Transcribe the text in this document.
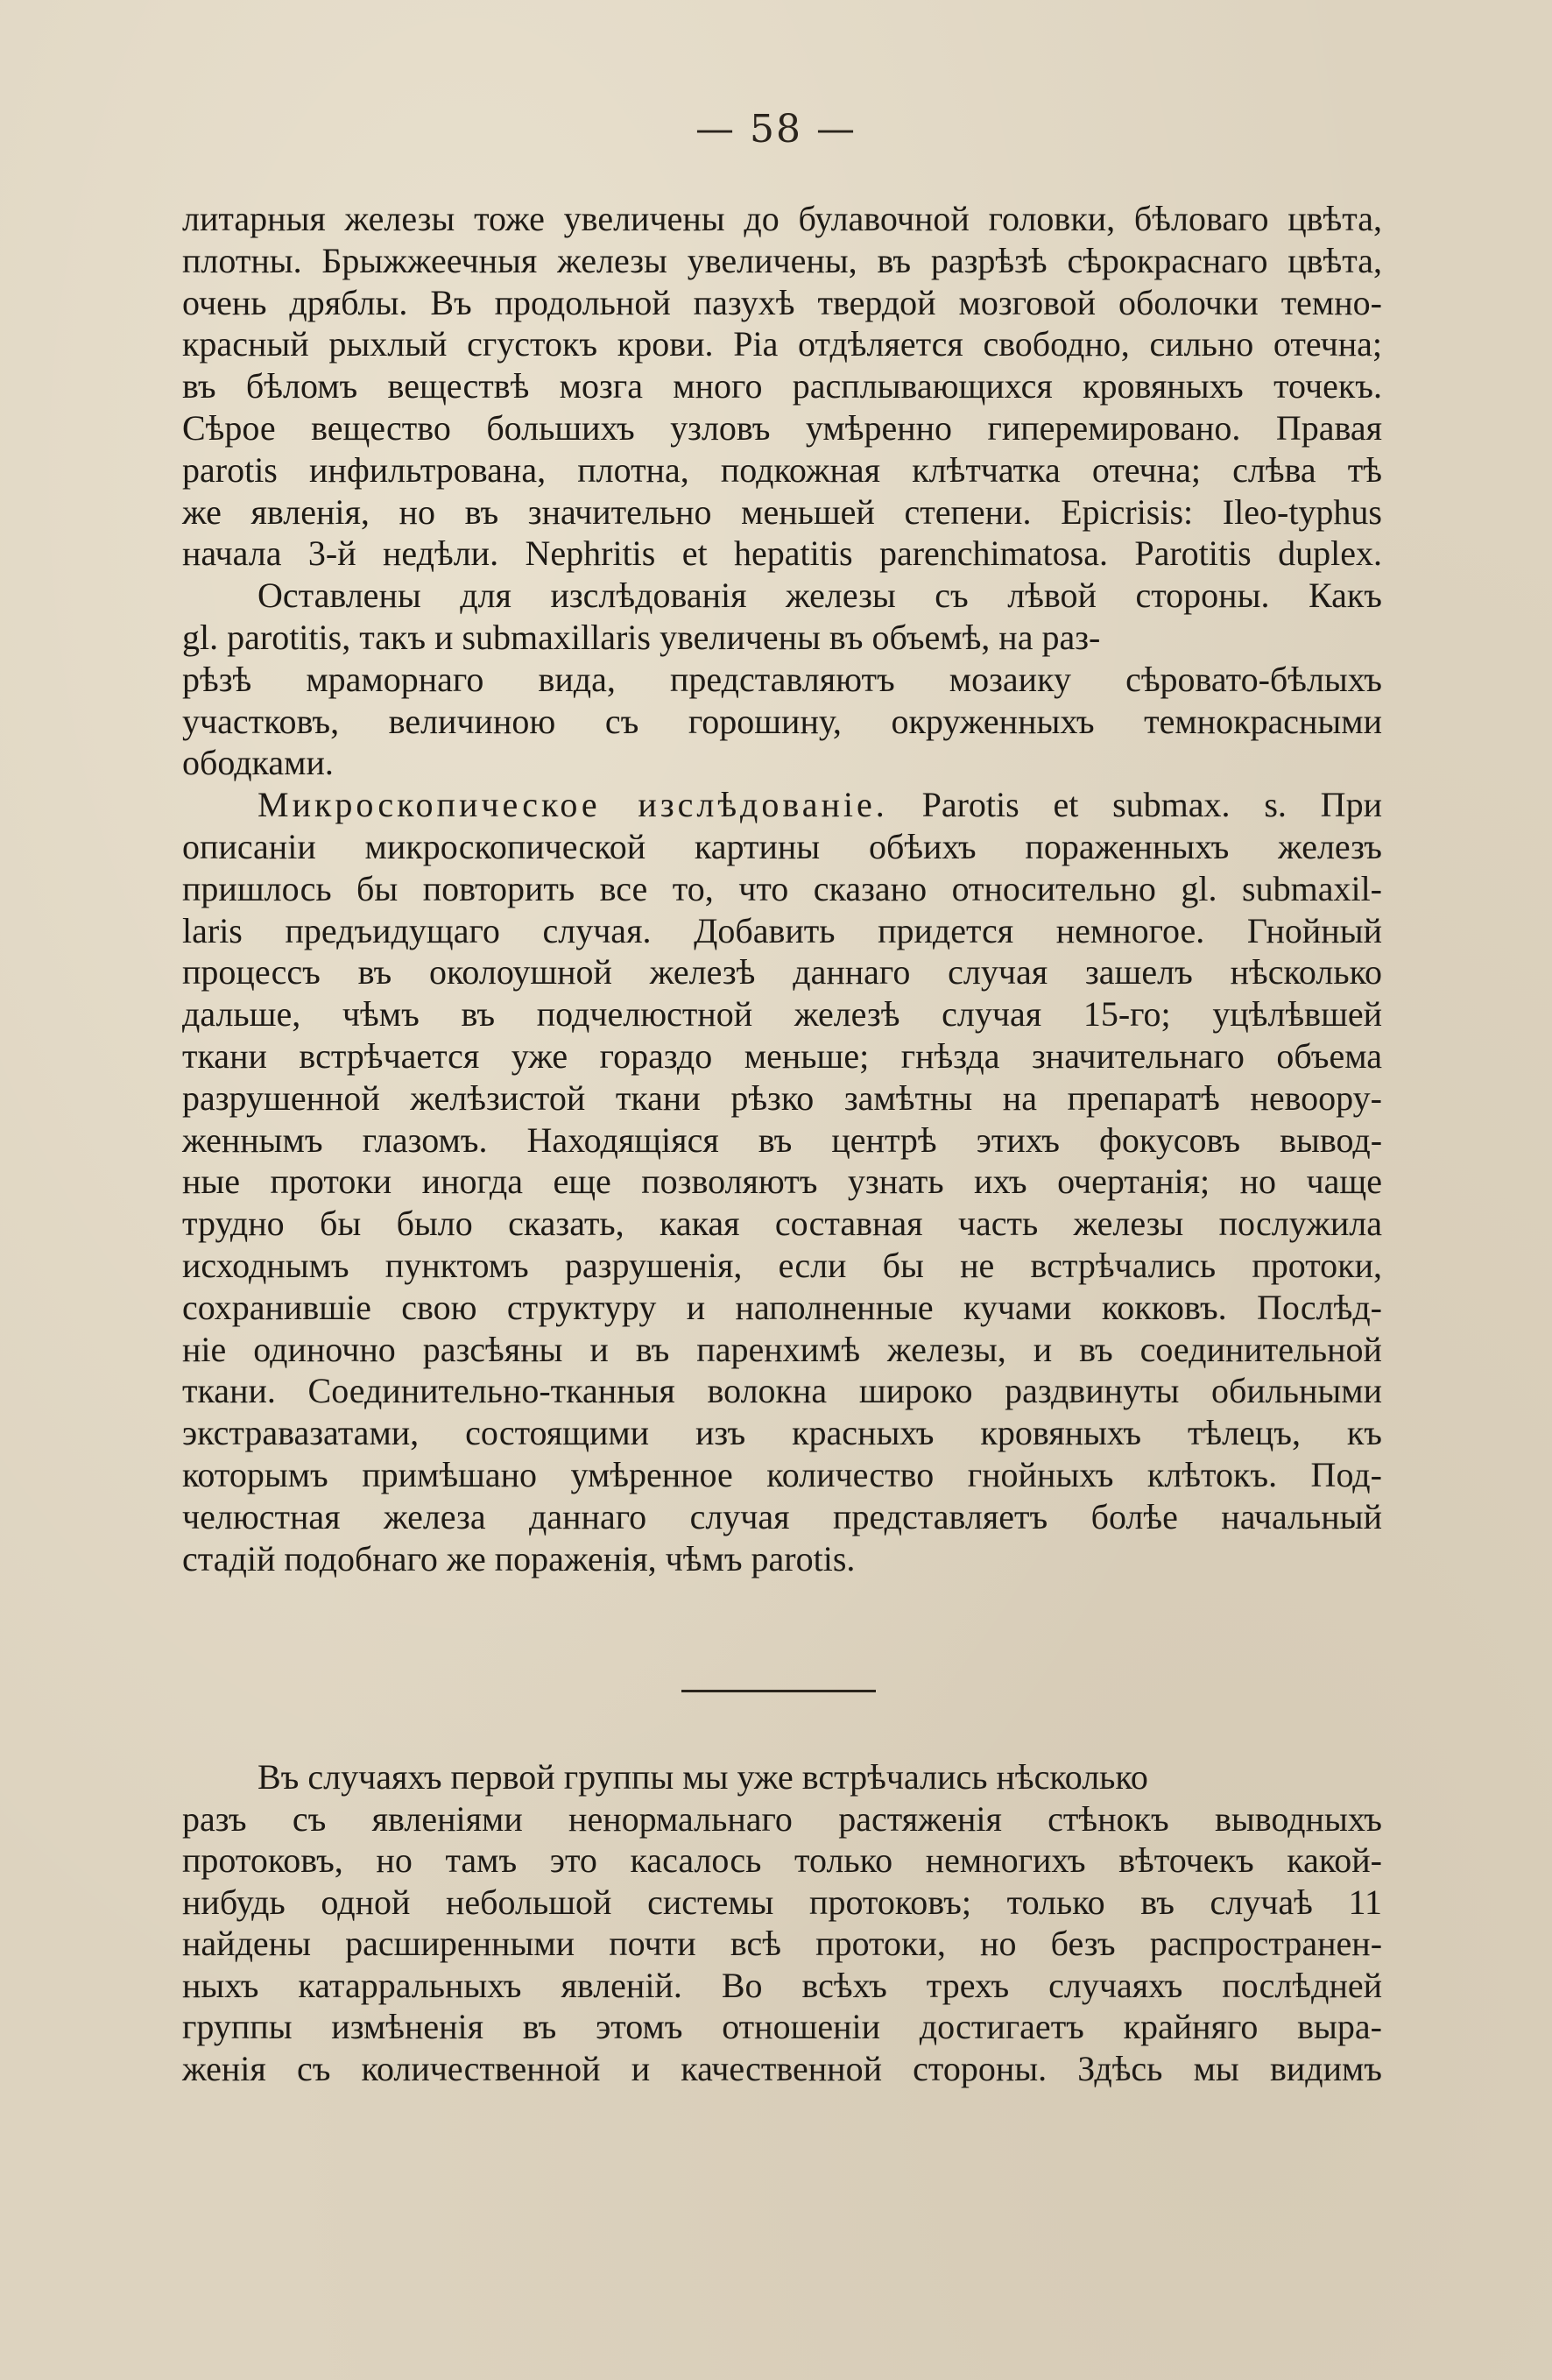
— 58 —

литарныя железы тоже увеличены до булавочной головки, бѣловаго цвѣта,
плотны. Брыжжеечныя железы увеличены, въ разрѣзѣ сѣрокраснаго цвѣта,
очень дряблы. Въ продольной пазухѣ твердой мозговой оболочки темно-
красный рыхлый сгустокъ крови. Pia отдѣляется свободно, сильно отечна;
въ бѣломъ веществѣ мозга много расплывающихся кровяныхъ точекъ.
Сѣрое вещество большихъ узловъ умѣренно гиперемировано. Правая
parotis инфильтрована, плотна, подкожная клѣтчатка отечна; слѣва тѣ
же явленія, но въ значительно меньшей степени. Epicrisis: Ileo-typhus
начала 3-й недѣли. Nephritis et hepatitis parenchimatosa. Parotitis duplex.

Оставлены для изслѣдованія железы съ лѣвой стороны. Какъ
gl. parotitis, такъ и submaxillaris увеличены въ объемѣ, на раз-
рѣзѣ мраморнаго вида, представляютъ мозаику сѣровато-бѣлыхъ
участковъ, величиною съ горошину, окруженныхъ темнокрасными
ободками.

Микроскопическое изслѣдованіе. Parotis et submax. s. При
описаніи микроскопической картины обѣихъ пораженныхъ железъ
пришлось бы повторить все то, что сказано относительно gl. submaxil-
laris предъидущаго случая. Добавить придется немногое. Гнойный
процессъ въ околоушной железѣ даннаго случая зашелъ нѣсколько
дальше, чѣмъ въ подчелюстной железѣ случая 15-го; уцѣлѣвшей
ткани встрѣчается уже гораздо меньше; гнѣзда значительнаго объема
разрушенной желѣзистой ткани рѣзко замѣтны на препаратѣ невоору-
женнымъ глазомъ. Находящіяся въ центрѣ этихъ фокусовъ вывод-
ные протоки иногда еще позволяютъ узнать ихъ очертанія; но чаще
трудно бы было сказать, какая составная часть железы послужила
исходнымъ пунктомъ разрушенія, если бы не встрѣчались протоки,
сохранившіе свою структуру и наполненные кучами кокковъ. Послѣд-
ніе одиночно разсѣяны и въ паренхимѣ железы, и въ соединительной
ткани. Соединительно-тканныя волокна широко раздвинуты обильными
экстравазатами, состоящими изъ красныхъ кровяныхъ тѣлецъ, къ
которымъ примѣшано умѣренное количество гнойныхъ клѣтокъ. Под-
челюстная железа даннаго случая представляетъ болѣе начальный
стадій подобнаго же пораженія, чѣмъ parotis.

Въ случаяхъ первой группы мы уже встрѣчались нѣсколько
разъ съ явленіями ненормальнаго растяженія стѣнокъ выводныхъ
протоковъ, но тамъ это касалось только немногихъ вѣточекъ какой-
нибудь одной небольшой системы протоковъ; только въ случаѣ 11
найдены расширенными почти всѣ протоки, но безъ распространен-
ныхъ катарральныхъ явленій. Во всѣхъ трехъ случаяхъ послѣдней
группы измѣненія въ этомъ отношеніи достигаетъ крайняго выра-
женія съ количественной и качественной стороны. Здѣсь мы видимъ
